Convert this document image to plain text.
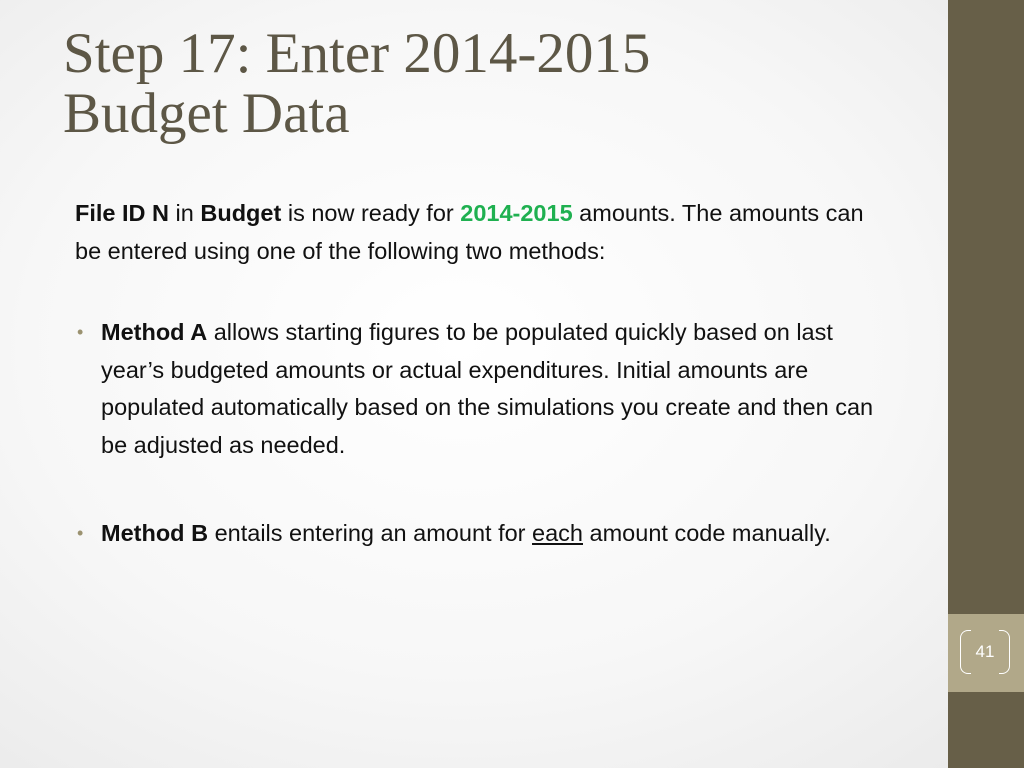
41
Step 17: Enter 2014-2015
Budget Data

File ID N in Budget is now ready for 2014-2015 amounts. The amounts can be entered using one of the following two methods:

• Method A allows starting figures to be populated quickly based on last year’s budgeted amounts or actual expenditures. Initial amounts are populated automatically based on the simulations you create and then can be adjusted as needed.
• Method B entails entering an amount for each amount code manually.
